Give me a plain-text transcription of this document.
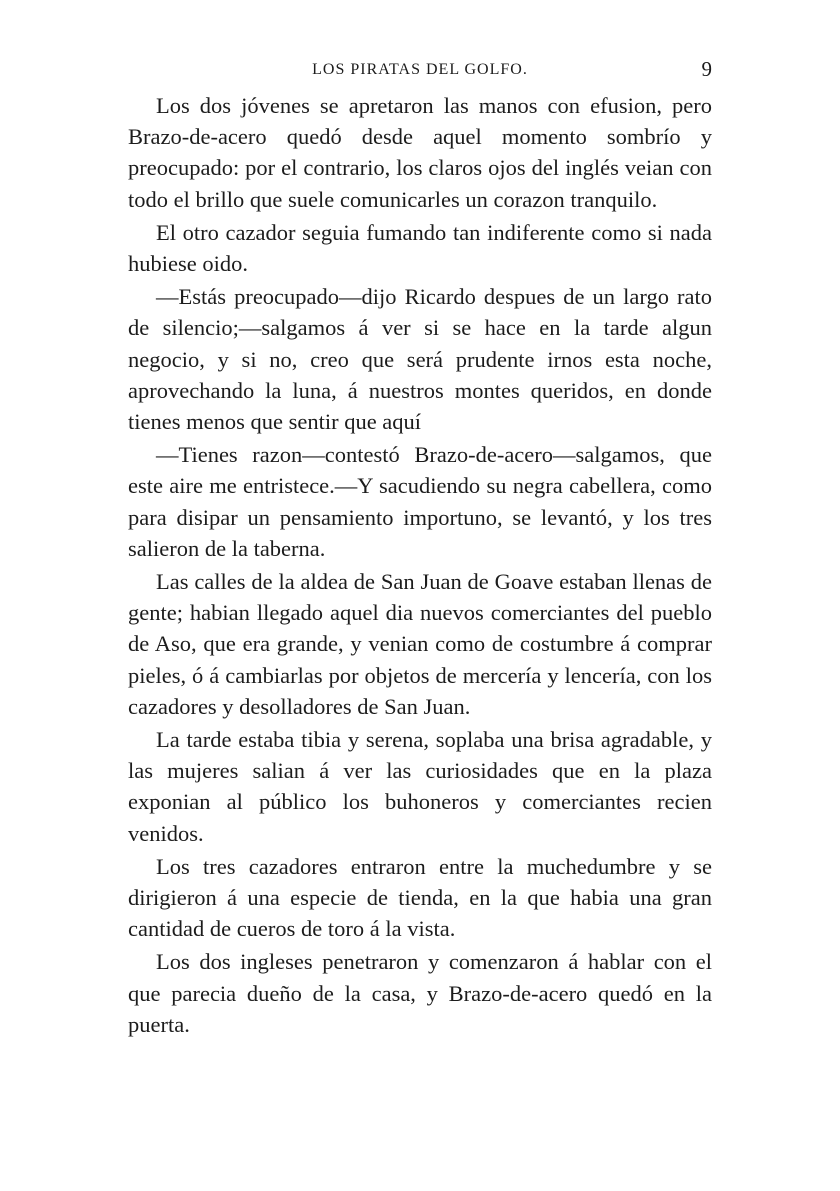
LOS PIRATAS DEL GOLFO.	9

Los dos jóvenes se apretaron las manos con efusion, pero Brazo-de-acero quedó desde aquel momento sombrío y preocupado: por el contrario, los claros ojos del inglés veian con todo el brillo que suele comunicarles un corazon tranquilo.

El otro cazador seguia fumando tan indiferente como si nada hubiese oido.

—Estás preocupado—dijo Ricardo despues de un largo rato de silencio;—salgamos á ver si se hace en la tarde algun negocio, y si no, creo que será prudente irnos esta noche, aprovechando la luna, á nuestros montes queridos, en donde tienes menos que sentir que aquí

—Tienes razon—contestó Brazo-de-acero—salgamos, que este aire me entristece.—Y sacudiendo su negra cabellera, como para disipar un pensamiento importuno, se levantó, y los tres salieron de la taberna.

Las calles de la aldea de San Juan de Goave estaban llenas de gente; habian llegado aquel dia nuevos comerciantes del pueblo de Aso, que era grande, y venian como de costumbre á comprar pieles, ó á cambiarlas por objetos de mercería y lencería, con los cazadores y desolladores de San Juan.

La tarde estaba tibia y serena, soplaba una brisa agradable, y las mujeres salian á ver las curiosidades que en la plaza exponian al público los buhoneros y comerciantes recien venidos.

Los tres cazadores entraron entre la muchedumbre y se dirigieron á una especie de tienda, en la que habia una gran cantidad de cueros de toro á la vista.

Los dos ingleses penetraron y comenzaron á hablar con el que parecia dueño de la casa, y Brazo-de-acero quedó en la puerta.
